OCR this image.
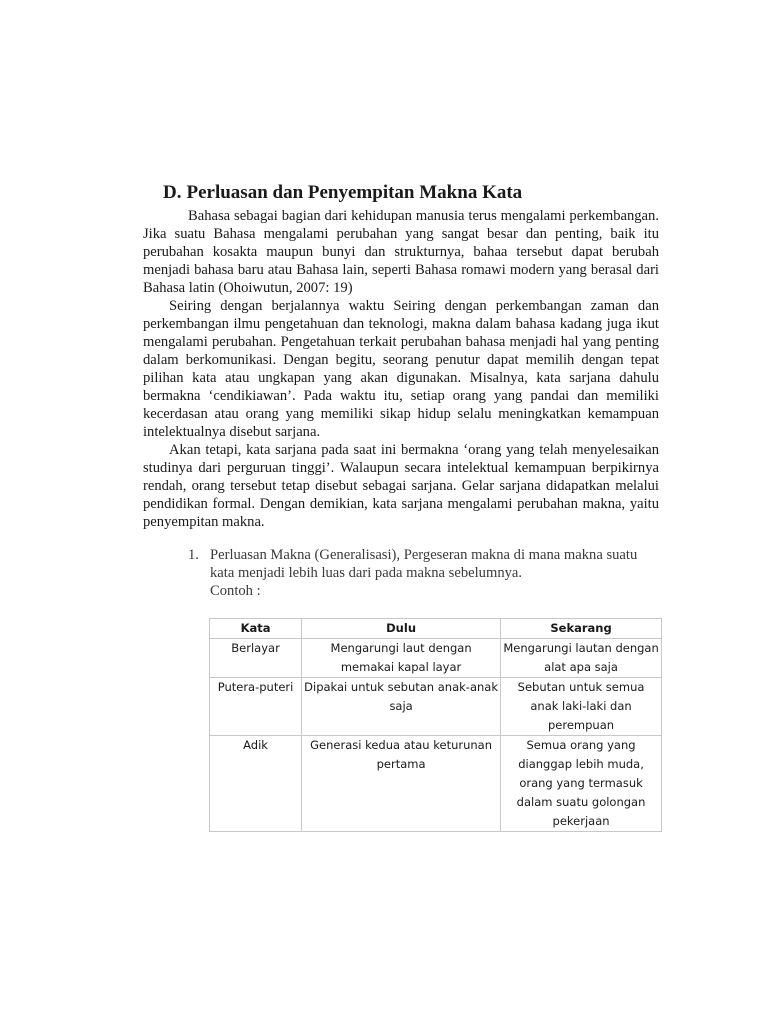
D. Perluasan dan Penyempitan Makna Kata

Bahasa sebagai bagian dari kehidupan manusia terus mengalami perkembangan. Jika suatu Bahasa mengalami perubahan yang sangat besar dan penting, baik itu perubahan kosakta maupun bunyi dan strukturnya, bahaa tersebut dapat berubah menjadi bahasa baru atau Bahasa lain, seperti Bahasa romawi modern yang berasal dari Bahasa latin (Ohoiwutun, 2007: 19)

Seiring dengan berjalannya waktu Seiring dengan perkembangan zaman dan perkembangan ilmu pengetahuan dan teknologi, makna dalam bahasa kadang juga ikut mengalami perubahan. Pengetahuan terkait perubahan bahasa menjadi hal yang penting dalam berkomunikasi. Dengan begitu, seorang penutur dapat memilih dengan tepat pilihan kata atau ungkapan yang akan digunakan. Misalnya, kata sarjana dahulu bermakna ‘cendikiawan’. Pada waktu itu, setiap orang yang pandai dan memiliki kecerdasan atau orang yang memiliki sikap hidup selalu meningkatkan kemampuan intelektualnya disebut sarjana.

Akan tetapi, kata sarjana pada saat ini bermakna ‘orang yang telah menyelesaikan studinya dari perguruan tinggi’. Walaupun secara intelektual kemampuan berpikirnya rendah, orang tersebut tetap disebut sebagai sarjana. Gelar sarjana didapatkan melalui pendidikan formal. Dengan demikian, kata sarjana mengalami perubahan makna, yaitu penyempitan makna.

1. Perluasan Makna (Generalisasi), Pergeseran makna di mana makna suatu kata menjadi lebih luas dari pada makna sebelumnya.
Contoh :
Kata	Dulu	Sekarang
Berlayar	Mengarungi laut dengan memakai kapal layar	Mengarungi lautan dengan alat apa saja
Putera-puteri	Dipakai untuk sebutan anak-anak saja	Sebutan untuk semua anak laki-laki dan perempuan
Adik	Generasi kedua atau keturunan pertama	Semua orang yang dianggap lebih muda, orang yang termasuk dalam suatu golongan pekerjaan
